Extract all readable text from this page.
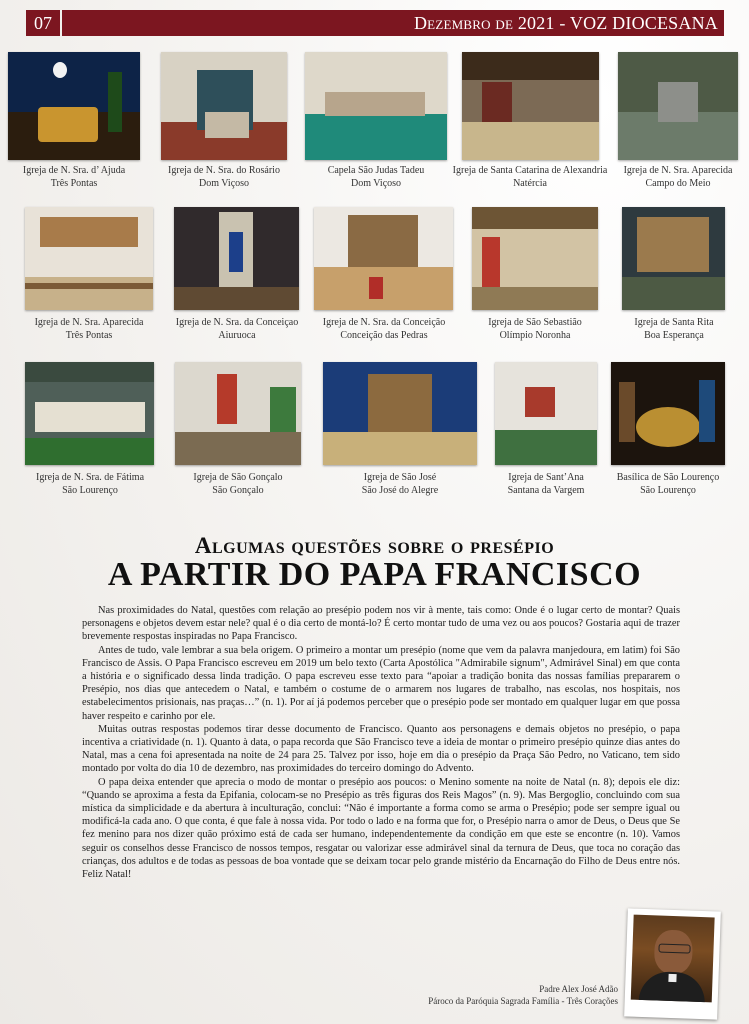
07	Dezembro de 2021 - VOZ DIOCESANA
Igreja de N. Sra. d’ Ajuda
Três Pontas
Igreja de N. Sra. do Rosário
Dom Viçoso
Capela São Judas Tadeu
Dom Viçoso
Igreja de Santa Catarina de Alexandria
Natércia
Igreja de N. Sra. Aparecida
Campo do Meio
Igreja de N. Sra. Aparecida
Três Pontas
Igreja de N. Sra. da Conceiçao
Aiuruoca
Igreja de N. Sra. da Conceição
Conceição das Pedras
Igreja de São Sebastião
Olímpio Noronha
Igreja de Santa Rita
Boa Esperança
Igreja de N. Sra. de Fátima
São Lourenço
Igreja de São Gonçalo
São Gonçalo
Igreja de São José
São José do Alegre
Igreja de Sant’Ana
Santana da Vargem
Basílica de São Lourenço
São Lourenço
Algumas questões sobre o presépio
A PARTIR DO PAPA FRANCISCO

Nas proximidades do Natal, questões com relação ao presépio podem nos vir à mente, tais como: Onde é o lugar certo de montar? Quais personagens e objetos devem estar nele? qual é o dia certo de montá-lo? É certo montar tudo de uma vez ou aos poucos? Gostaria aqui de trazer brevemente respostas inspiradas no Papa Francisco.

Antes de tudo, vale lembrar a sua bela origem. O primeiro a montar um presépio (nome que vem da palavra manjedoura, em latim) foi São Francisco de Assis. O Papa Francisco escreveu em 2019 um belo texto (Carta Apostólica "Admirabile signum", Admirável Sinal) em que conta a história e o significado dessa linda tradição. O papa escreveu esse texto para “apoiar a tradição bonita das nossas famílias prepararem o Presépio, nos dias que antecedem o Natal, e também o costume de o armarem nos lugares de trabalho, nas escolas, nos hospitais, nos estabelecimentos prisionais, nas praças…” (n. 1). Por aí já podemos perceber que o presépio pode ser montado em qualquer lugar em que possa haver respeito e carinho por ele.

Muitas outras respostas podemos tirar desse documento de Francisco. Quanto aos personagens e demais objetos no presépio, o papa incentiva a criatividade (n. 1). Quanto à data, o papa recorda que São Francisco teve a ideia de montar o primeiro presépio quinze dias antes do Natal, mas a cena foi apresentada na noite de 24 para 25. Talvez por isso, hoje em dia o presépio da Praça São Pedro, no Vaticano, tem sido montado por volta do dia 10 de dezembro, nas proximidades do terceiro domingo do Advento.

O papa deixa entender que aprecia o modo de montar o presépio aos poucos: o Menino somente na noite de Natal (n. 8); depois ele diz: “Quando se aproxima a festa da Epifania, colocam-se no Presépio as três figuras dos Reis Magos” (n. 9). Mas Bergoglio, concluindo com sua mística da simplicidade e da abertura à inculturação, conclui: “Não é importante a forma como se arma o Presépio; pode ser sempre igual ou modificá-la cada ano. O que conta, é que fale à nossa vida. Por todo o lado e na forma que for, o Presépio narra o amor de Deus, o Deus que Se fez menino para nos dizer quão próximo está de cada ser humano, independentemente da condição em que este se encontre (n. 10). Vamos seguir os conselhos desse Francisco de nossos tempos, resgatar ou valorizar esse admirável sinal da ternura de Deus, que toca no coração das crianças, dos adultos e de todas as pessoas de boa vontade que se deixam tocar pelo grande mistério da Encarnação do Filho de Deus entre nós. Feliz Natal!

Padre Alex José Adão
Pároco da Paróquia Sagrada Família - Três Corações
